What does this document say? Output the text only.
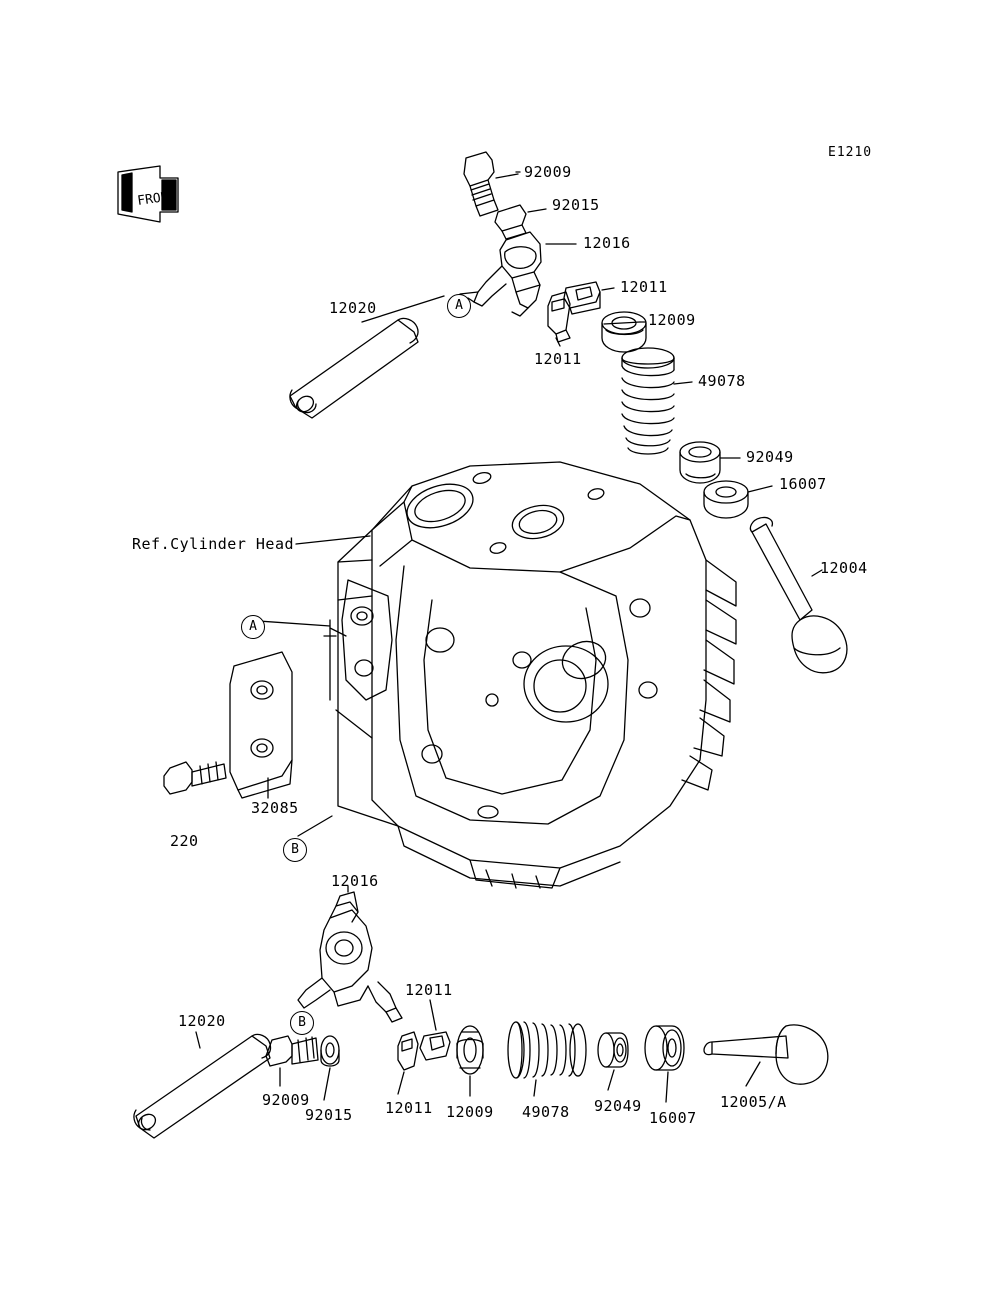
FRONT
E1210
Ref.Cylinder Head
220
92009
92015
12016
12011
12009
12011
49078
92049
16007
12004
12020
32085
12016
12011
12020
92009
92015 12011 12009 49078 92049
16007
12005/A
A
A
B
B
